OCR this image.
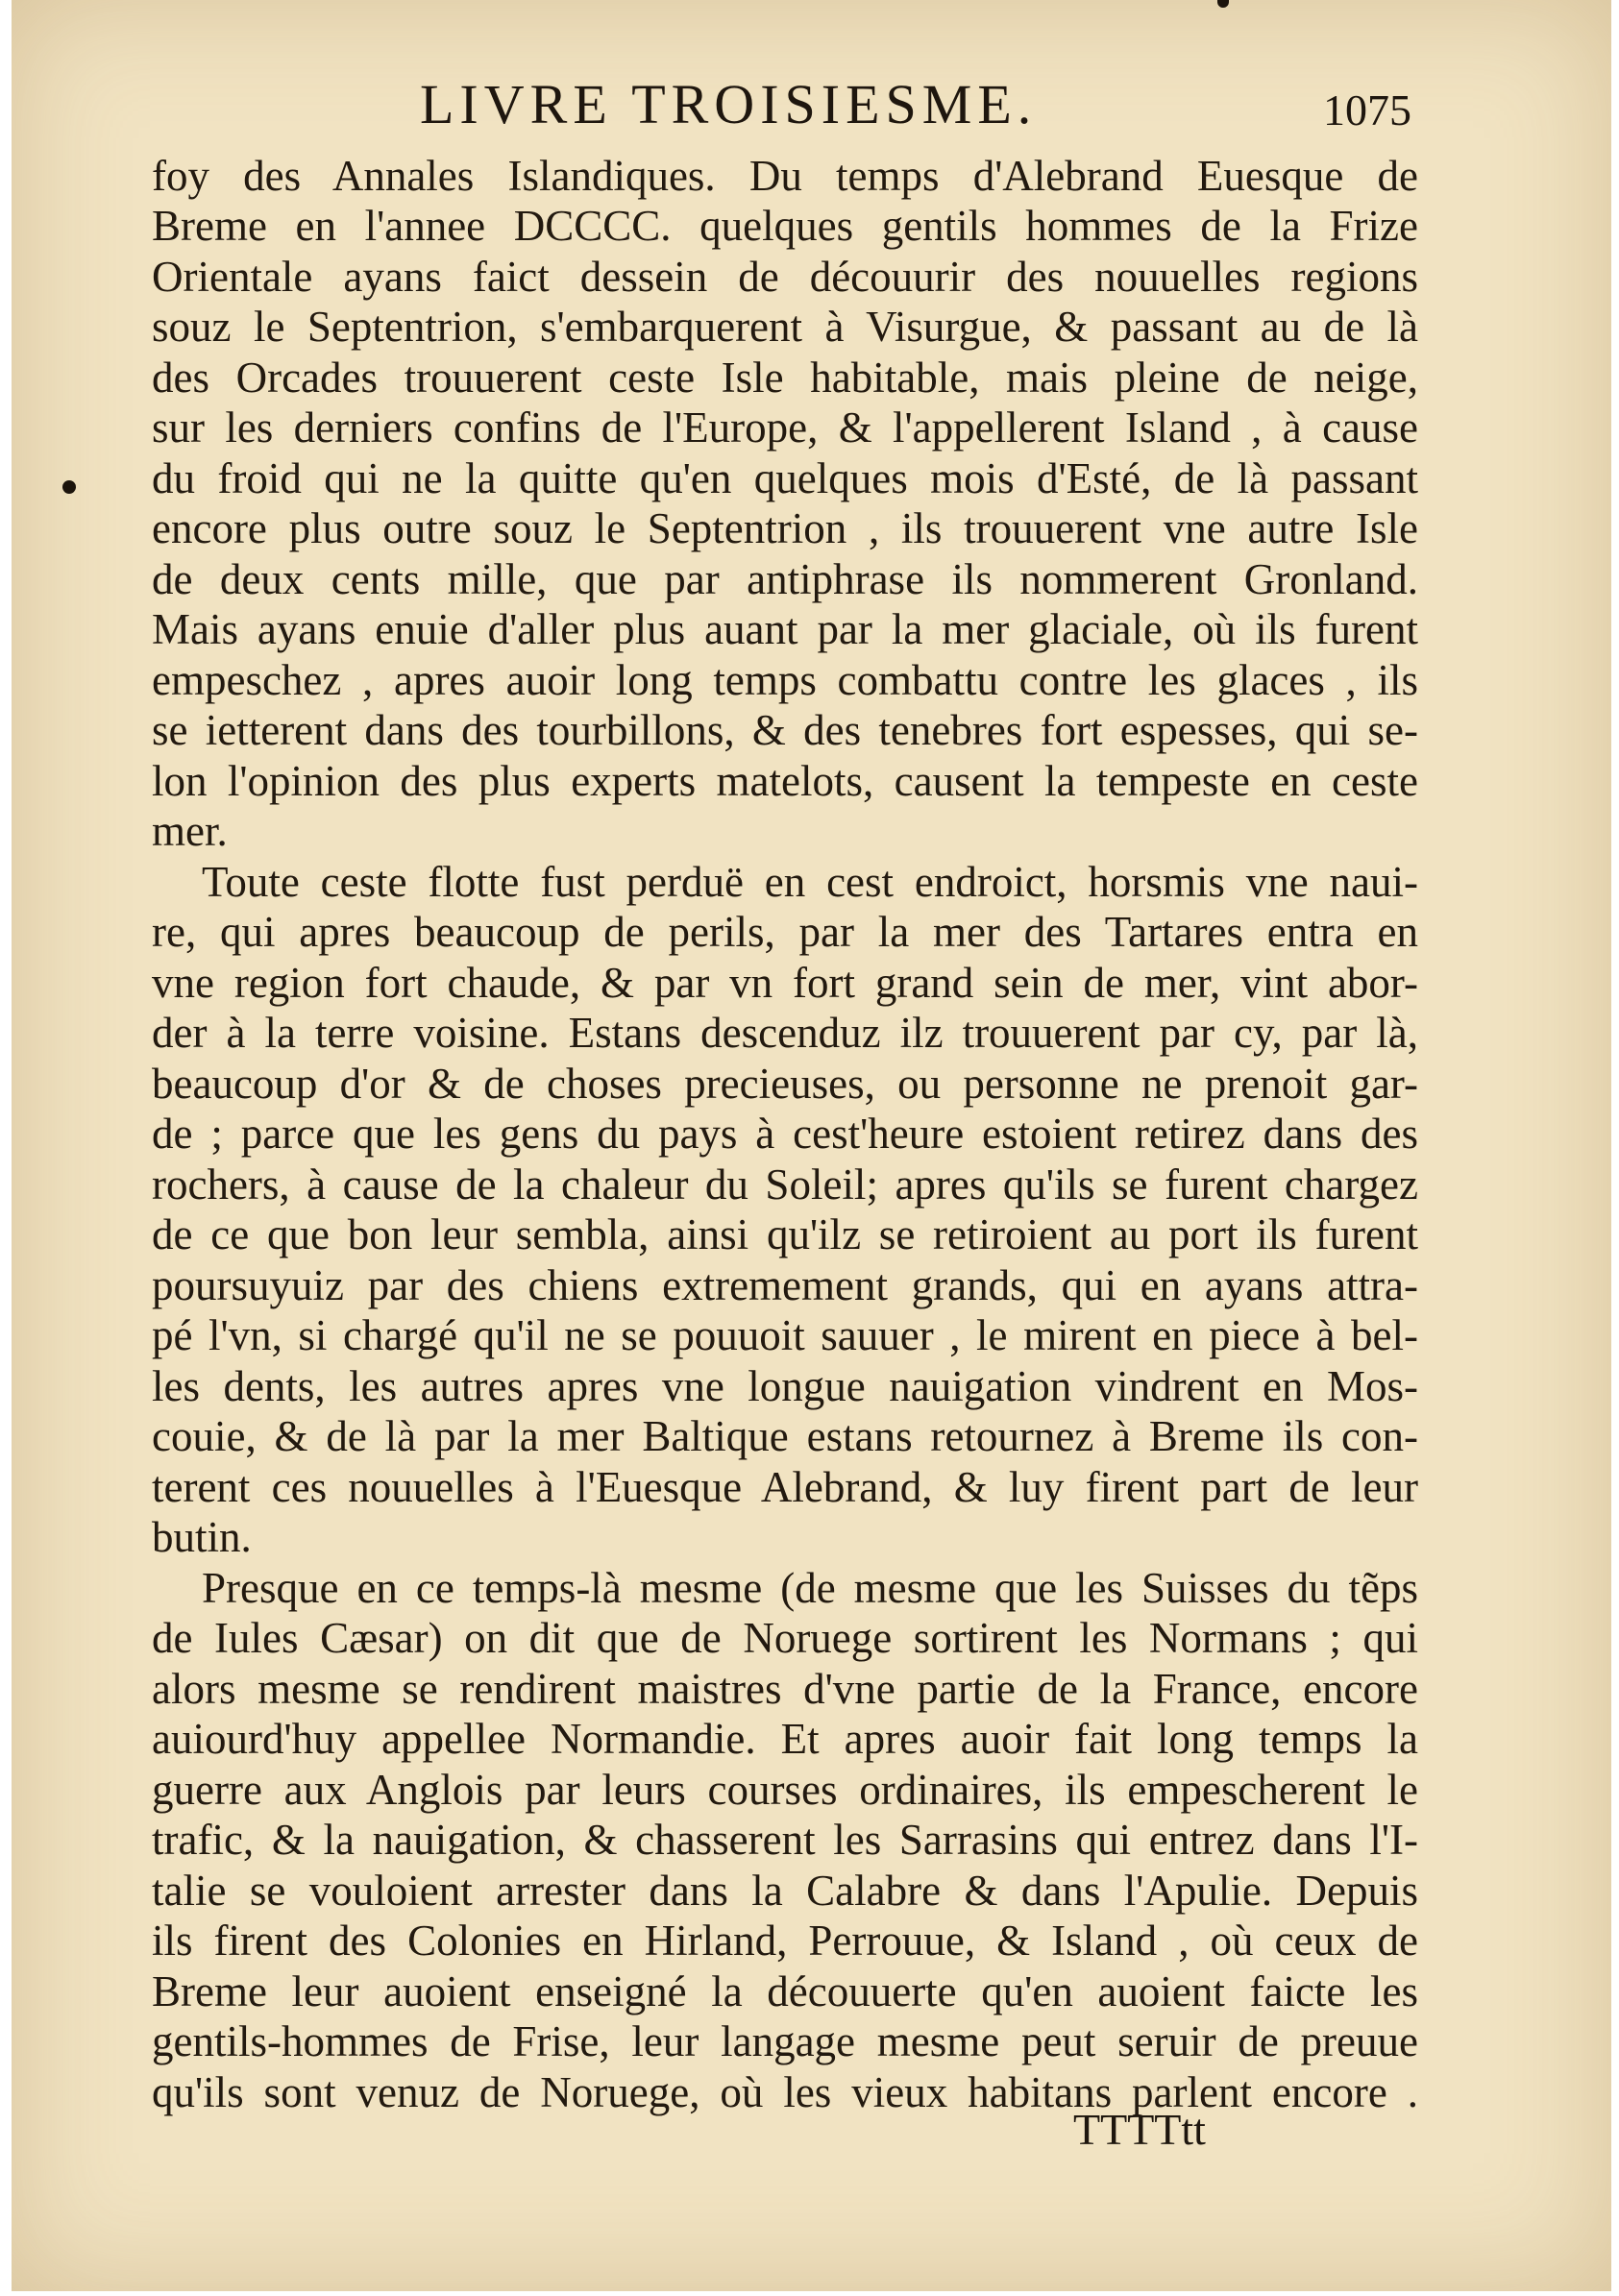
LIVRE TROISIESME.	1075
foy des Annales Islandiques. Du temps d'Alebrand Euesque de
Breme en l'annee DCCCC. quelques gentils hommes de la Frize
Orientale ayans faict dessein de découurir des nouuelles regions
souz le Septentrion, s'embarquerent à Visurgue, & passant au de là
des Orcades trouuerent ceste Isle habitable, mais pleine de neige,
sur les derniers confins de l'Europe, & l'appellerent Island , à cause
du froid qui ne la quitte qu'en quelques mois d'Esté, de là passant
encore plus outre souz le Septentrion , ils trouuerent vne autre Isle
de deux cents mille, que par antiphrase ils nommerent Gronland.
Mais ayans enuie d'aller plus auant par la mer glaciale, où ils furent
empeschez , apres auoir long temps combattu contre les glaces , ils
se ietterent dans des tourbillons, & des tenebres fort espesses, qui se-
lon l'opinion des plus experts matelots, causent la tempeste en ceste
mer.
Toute ceste flotte fust perduë en cest endroict, horsmis vne naui-
re, qui apres beaucoup de perils, par la mer des Tartares entra en
vne region fort chaude, & par vn fort grand sein de mer, vint abor-
der à la terre voisine. Estans descenduz ilz trouuerent par cy, par là,
beaucoup d'or & de choses precieuses, ou personne ne prenoit gar-
de ; parce que les gens du pays à cest'heure estoient retirez dans des
rochers, à cause de la chaleur du Soleil; apres qu'ils se furent chargez
de ce que bon leur sembla, ainsi qu'ilz se retiroient au port ils furent
poursuyuiz par des chiens extremement grands, qui en ayans attra-
pé l'vn, si chargé qu'il ne se pouuoit sauuer , le mirent en piece à bel-
les dents, les autres apres vne longue nauigation vindrent en Mos-
couie, & de là par la mer Baltique estans retournez à Breme ils con-
terent ces nouuelles à l'Euesque Alebrand, & luy firent part de leur
butin.
Presque en ce temps-là mesme (de mesme que les Suisses du tẽps
de Iules Cæsar) on dit que de Noruege sortirent les Normans ; qui
alors mesme se rendirent maistres d'vne partie de la France, encore
auiourd'huy appellee Normandie. Et apres auoir fait long temps la
guerre aux Anglois par leurs courses ordinaires, ils empescherent le
trafic, & la nauigation, & chasserent les Sarrasins qui entrez dans l'I-
talie se vouloient arrester dans la Calabre & dans l'Apulie. Depuis
ils firent des Colonies en Hirland, Perrouue, & Island , où ceux de
Breme leur auoient enseigné la découuerte qu'en auoient faicte les
gentils-hommes de Frise, leur langage mesme peut seruir de preuue
qu'ils sont venuz de Noruege, où les vieux habitans parlent encore .
TTTTtt
